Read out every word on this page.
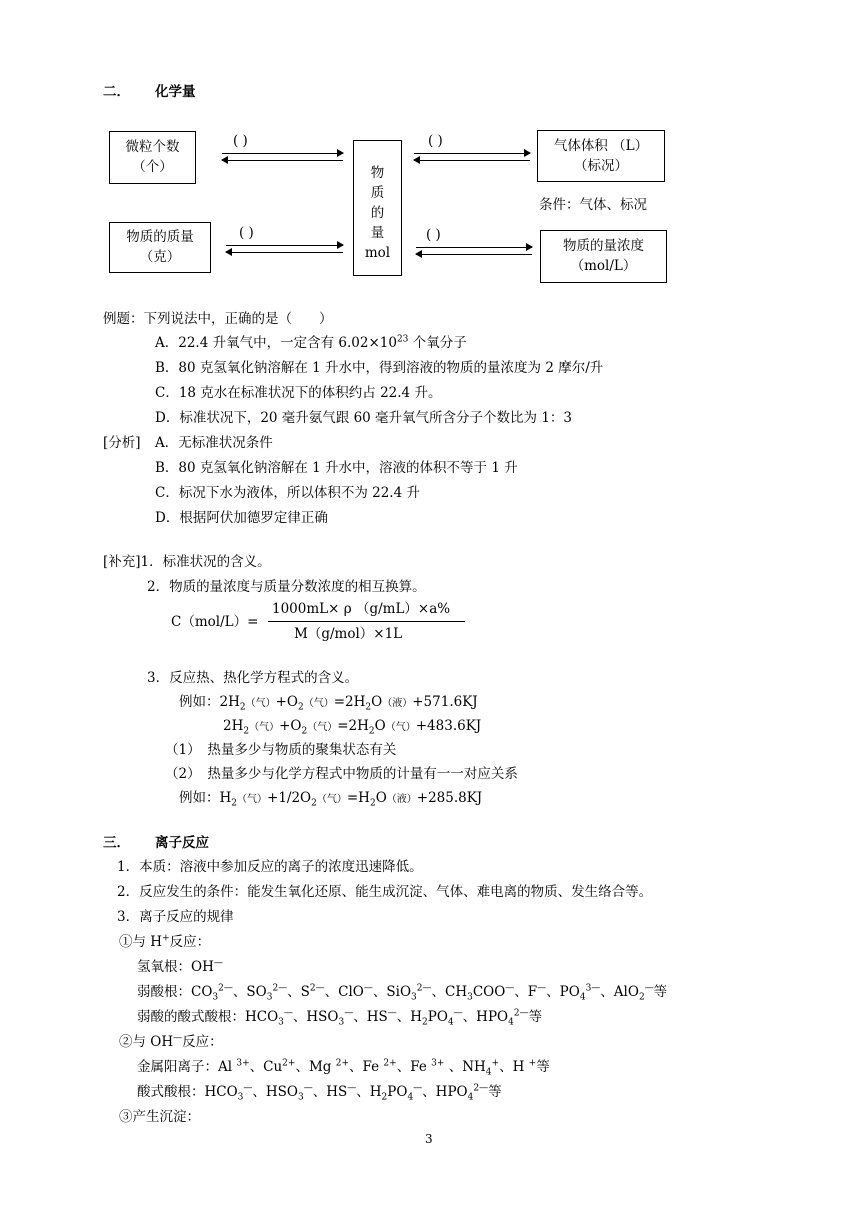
二． 化学量
微粒个数
（个）
物质的质量
（克）
物
质
的
量
mol
气体体积 （L）
（标况）
条件：气体、标况
物质的量浓度
（mol/L）
( )
( )
( )
( )
例题：下列说法中，正确的是（　　）
A．22.4 升氧气中，一定含有 $6.02\times 10^{23}$ 个氧分子
B．80 克氢氧化钠溶解在 1 升水中，得到溶液的物质的量浓度为 2 摩尔/升
C．18 克水在标准状况下的体积约占 22.4 升。
D．标准状况下，20 毫升氨气跟 60 毫升氧气所含分子个数比为 1：3
[分析] A．无标准状况条件
B．80 克氢氧化钠溶解在 1 升水中，溶液的体积不等于 1 升
C．标况下水为液体，所以体积不为 22.4 升
D．根据阿伏加德罗定律正确
[补充]1．标准状况的含义。
2．物质的量浓度与质量分数浓度的相互换算。
C（mol/L）=
1000mL× ρ （g/mL）×a%
M（g/mol）×1L
3．反应热、热化学方程式的含义。
例如：$2H_2$（气）$+O_2$（气）$=2H_2O$（液）+571.6KJ
$2H_2$（气）$+O_2$（气）$=2H_2O$（气）+483.6KJ
（1）　热量多少与物质的聚集状态有关
（2）　热量多少与化学方程式中物质的计量有一一对应关系
例如：$H_2$（气）$+1/2O_2$（气）$=H_2O$（液）+285.8KJ
三． 离子反应
1．本质：溶液中参加反应的离子的浓度迅速降低。
2．反应发生的条件：能发生氧化还原、能生成沉淀、气体、难电离的物质、发生络合等。
3．离子反应的规律
①与 H+反应：
氢氧根：OH—
弱酸根：$CO_3^{2—}$、$SO_3^{2—}$、$S^{2—}$、ClO—、SiO$_3^{2—}$、$CH_3COO^—$、F—、$PO_4^{3—}$、AlO$_2$—等
弱酸的酸式酸根：$HCO_3^—$、$HSO_3^—$、HS—、$H_2PO_4^—$、$HPO_4^{2—}$等
②与 OH—反应：
金属阳离子：Al $^{3+}$、$Cu^{2+}$、Mg $^{2+}$、Fe $^{2+}$、Fe $^{3+}$ 、$NH_4^+$、H +等
酸式酸根：$HCO_3^—$、$HSO_3^—$、HS—、$H_2PO_4^—$、$HPO_4^{2—}$等
③产生沉淀：
3
